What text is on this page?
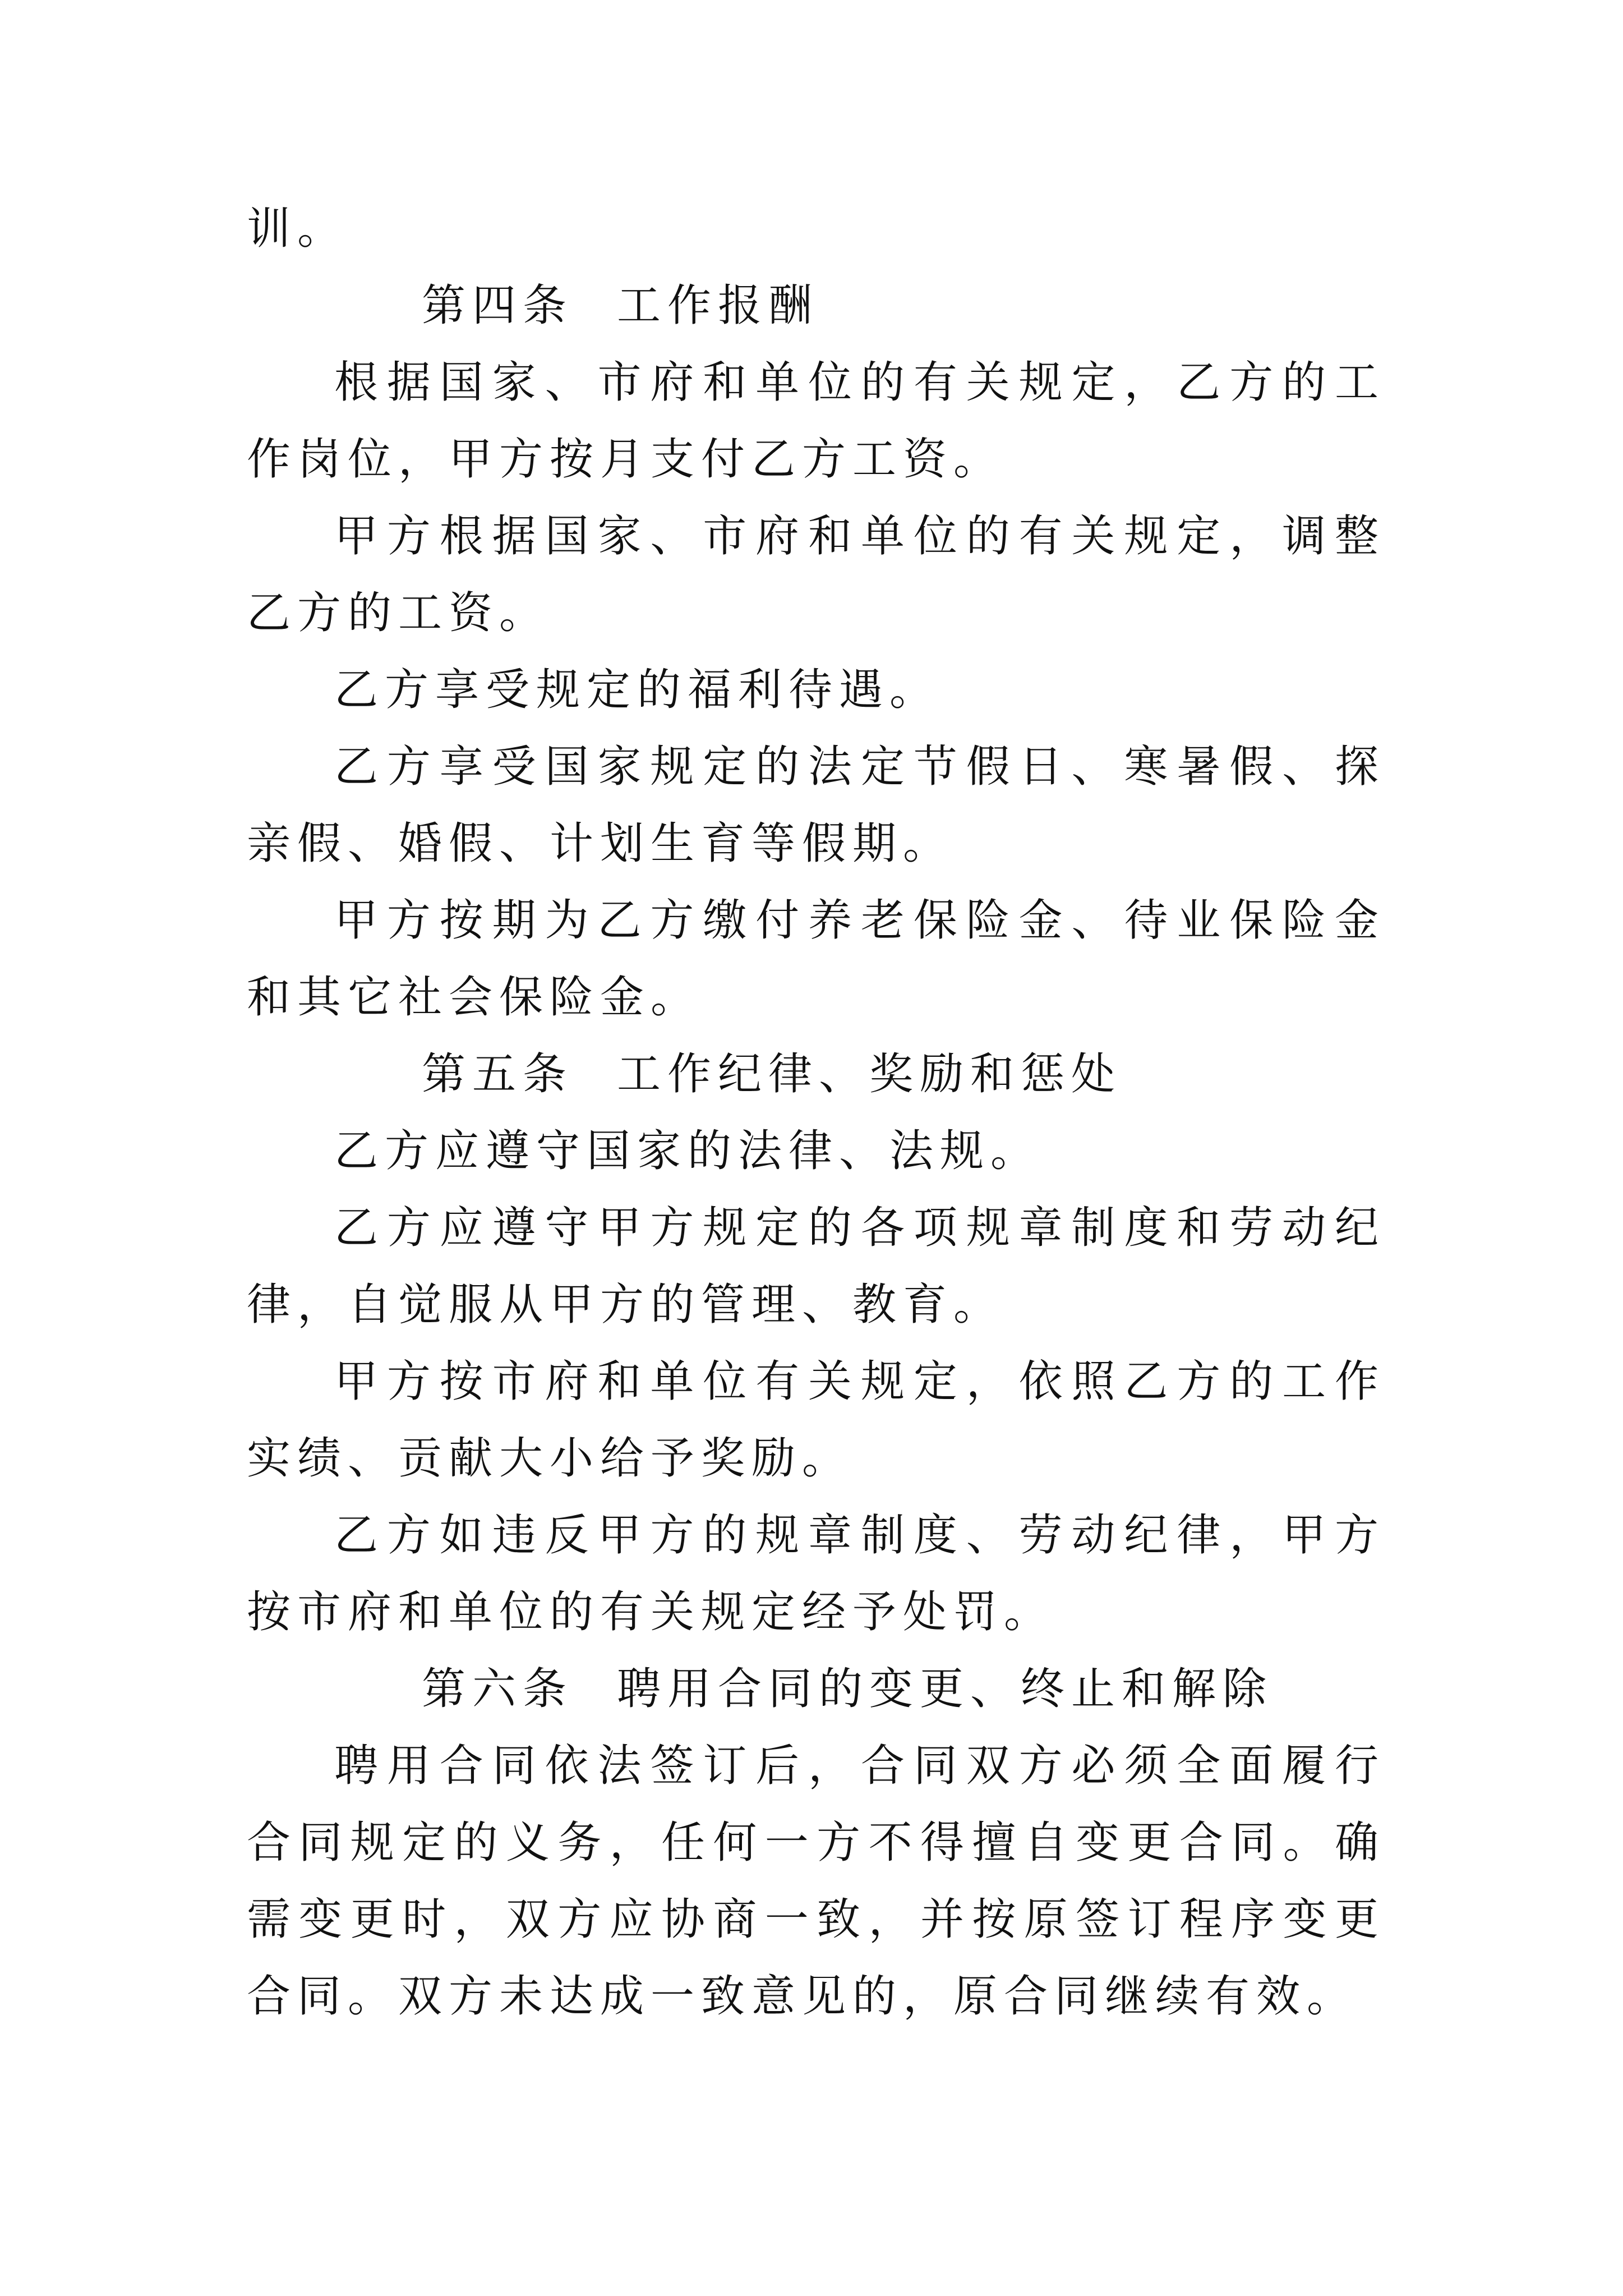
训。

第四条 工作报酬

根据国家、市府和单位的有关规定，乙方的工作岗位，甲方按月支付乙方工资。

甲方根据国家、市府和单位的有关规定，调整乙方的工资。

乙方享受规定的福利待遇。

乙方享受国家规定的法定节假日、寒暑假、探亲假、婚假、计划生育等假期。

甲方按期为乙方缴付养老保险金、待业保险金和其它社会保险金。

第五条 工作纪律、奖励和惩处

乙方应遵守国家的法律、法规。

乙方应遵守甲方规定的各项规章制度和劳动纪律，自觉服从甲方的管理、教育。

甲方按市府和单位有关规定，依照乙方的工作实绩、贡献大小给予奖励。

乙方如违反甲方的规章制度、劳动纪律，甲方按市府和单位的有关规定经予处罚。

第六条 聘用合同的变更、终止和解除

聘用合同依法签订后，合同双方必须全面履行合同规定的义务，任何一方不得擅自变更合同。确需变更时，双方应协商一致，并按原签订程序变更合同。双方未达成一致意见的，原合同继续有效。
